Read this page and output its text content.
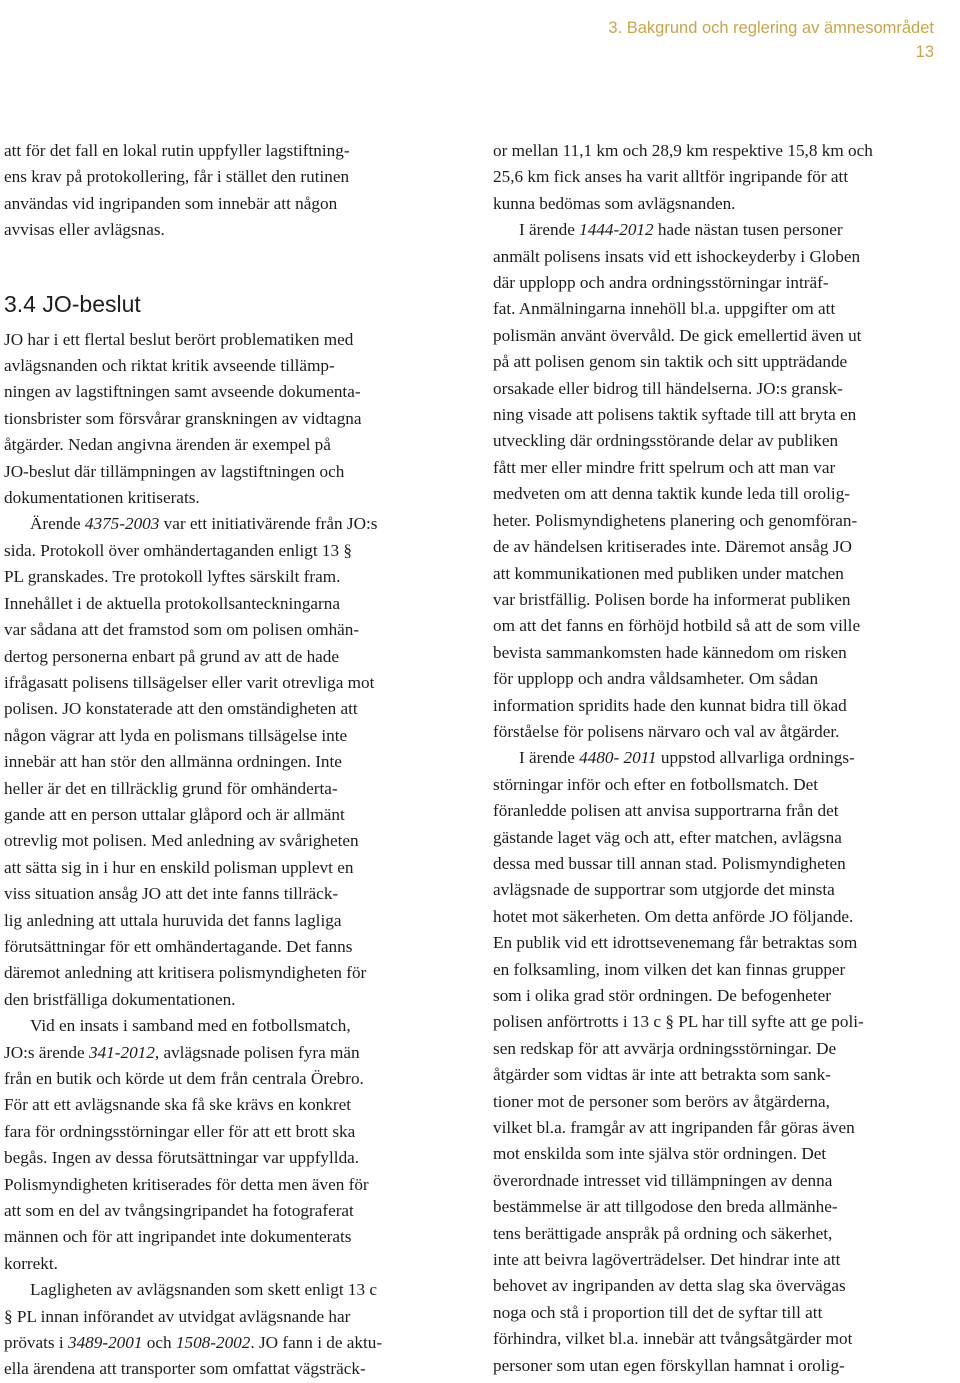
3. Bakgrund och reglering av ämnesområdet
13

att för det fall en lokal rutin uppfyller lagstiftning-

ens krav på protokollering, får i stället den rutinen

användas vid ingripanden som innebär att någon

avvisas eller avlägsnas.

3.4 JO-beslut

JO har i ett flertal beslut berört problematiken med

avlägsnanden och riktat kritik avseende tillämp-

ningen av lagstiftningen samt avseende dokumenta-

tionsbrister som försvårar granskningen av vidtagna

åtgärder. Nedan angivna ärenden är exempel på

JO-beslut där tillämpningen av lagstiftningen och

dokumentationen kritiserats.

Ärende 4375-2003 var ett initiativärende från JO:s

sida. Protokoll över omhändertaganden enligt 13 §

PL granskades. Tre protokoll lyftes särskilt fram.

Innehållet i de aktuella protokollsanteckningarna

var sådana att det framstod som om polisen omhän-

dertog personerna enbart på grund av att de hade

ifrågasatt polisens tillsägelser eller varit otrevliga mot

polisen. JO konstaterade att den omständigheten att

någon vägrar att lyda en polismans tillsägelse inte

innebär att han stör den allmänna ordningen. Inte

heller är det en tillräcklig grund för omhänderta-

gande att en person uttalar glåpord och är allmänt

otrevlig mot polisen. Med anledning av svårigheten

att sätta sig in i hur en enskild polisman upplevt en

viss situation ansåg JO att det inte fanns tillräck-

lig anledning att uttala huruvida det fanns lagliga

förutsättningar för ett omhändertagande. Det fanns

däremot anledning att kritisera polismyndigheten för

den bristfälliga dokumentationen.

Vid en insats i samband med en fotbollsmatch,

JO:s ärende 341-2012, avlägsnade polisen fyra män

från en butik och körde ut dem från centrala Örebro.

För att ett avlägsnande ska få ske krävs en konkret

fara för ordningsstörningar eller för att ett brott ska

begås. Ingen av dessa förutsättningar var uppfyllda.

Polismyndigheten kritiserades för detta men även för

att som en del av tvångsingripandet ha fotograferat

männen och för att ingripandet inte dokumenterats

korrekt.

Lagligheten av avlägsnanden som skett enligt 13 c

§ PL innan införandet av utvidgat avlägsnande har

prövats i 3489-2001 och 1508-2002. JO fann i de aktu-

ella ärendena att transporter som omfattat vägsträck-

or mellan 11,1 km och 28,9 km respektive 15,8 km och

25,6 km fick anses ha varit alltför ingripande för att

kunna bedömas som avlägsnanden.

I ärende 1444-2012 hade nästan tusen personer

anmält polisens insats vid ett ishockeyderby i Globen

där upplopp och andra ordningsstörningar inträf-

fat. Anmälningarna innehöll bl.a. uppgifter om att

polismän använt övervåld. De gick emellertid även ut

på att polisen genom sin taktik och sitt uppträdande

orsakade eller bidrog till händelserna. JO:s gransk-

ning visade att polisens taktik syftade till att bryta en

utveckling där ordningsstörande delar av publiken

fått mer eller mindre fritt spelrum och att man var

medveten om att denna taktik kunde leda till orolig-

heter. Polismyndighetens planering och genomföran-

de av händelsen kritiserades inte. Däremot ansåg JO

att kommunikationen med publiken under matchen

var bristfällig. Polisen borde ha informerat publiken

om att det fanns en förhöjd hotbild så att de som ville

bevista sammankomsten hade kännedom om risken

för upplopp och andra våldsamheter. Om sådan

information spridits hade den kunnat bidra till ökad

förståelse för polisens närvaro och val av åtgärder.

I ärende 4480- 2011 uppstod allvarliga ordnings-

störningar inför och efter en fotbollsmatch. Det

föranledde polisen att anvisa supportrarna från det

gästande laget väg och att, efter matchen, avlägsna

dessa med bussar till annan stad. Polismyndigheten

avlägsnade de supportrar som utgjorde det minsta

hotet mot säkerheten. Om detta anförde JO följande.

En publik vid ett idrottsevenemang får betraktas som

en folksamling, inom vilken det kan finnas grupper

som i olika grad stör ordningen. De befogenheter

polisen anförtrotts i 13 c § PL har till syfte att ge poli-

sen redskap för att avvärja ordningsstörningar. De

åtgärder som vidtas är inte att betrakta som sank-

tioner mot de personer som berörs av åtgärderna,

vilket bl.a. framgår av att ingripanden får göras även

mot enskilda som inte själva stör ordningen. Det

överordnade intresset vid tillämpningen av denna

bestämmelse är att tillgodose den breda allmänhe-

tens berättigade anspråk på ordning och säkerhet,

inte att beivra lagöverträdelser. Det hindrar inte att

behovet av ingripanden av detta slag ska övervägas

noga och stå i proportion till det de syftar till att

förhindra, vilket bl.a. innebär att tvångsåtgärder mot

personer som utan egen förskyllan hamnat i orolig-
